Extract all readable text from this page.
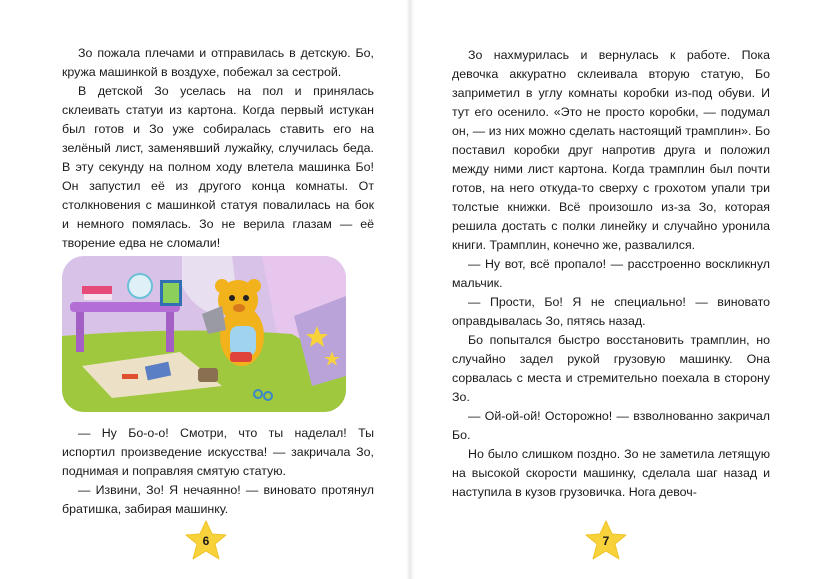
Зо пожала плечами и отправилась в детскую. Бо, кружа машинкой в воздухе, побежал за сестрой.

В детской Зо уселась на пол и принялась склеивать статуи из картона. Когда первый истукан был готов и Зо уже собиралась ставить его на зелёный лист, заменявший лужайку, случилась беда. В эту секунду на полном ходу влетела машинка Бо! Он запустил её из другого конца комнаты. От столкновения с машинкой статуя повалилась на бок и немного помялась. Зо не верила глазам — её творение едва не сломали!

— Ну Бо-о-о! Смотри, что ты наделал! Ты испортил произведение искусства! — закричала Зо, поднимая и поправляя смятую статую.

— Извини, Зо! Я нечаянно! — виновато протянул братишка, забирая машинку.

6	7

Зо нахмурилась и вернулась к работе. Пока девочка аккуратно склеивала вторую статую, Бо заприметил в углу комнаты коробки из-под обуви. И тут его осенило. «Это не просто коробки, — подумал он, — из них можно сделать настоящий трамплин». Бо поставил коробки друг напротив друга и положил между ними лист картона. Когда трамплин был почти готов, на него откуда-то сверху с грохотом упали три толстые книжки. Всё произошло из-за Зо, которая решила достать с полки линейку и случайно уронила книги. Трамплин, конечно же, развалился.

— Ну вот, всё пропало! — расстроенно воскликнул мальчик.

— Прости, Бо! Я не специально! — виновато оправдывалась Зо, пятясь назад.

Бо попытался быстро восстановить трамплин, но случайно задел рукой грузовую машинку. Она сорвалась с места и стремительно поехала в сторону Зо.

— Ой-ой-ой! Осторожно! — взволнованно закричал Бо.

Но было слишком поздно. Зо не заметила летящую на высокой скорости машинку, сделала шаг назад и наступила в кузов грузовичка. Нога девоч-
